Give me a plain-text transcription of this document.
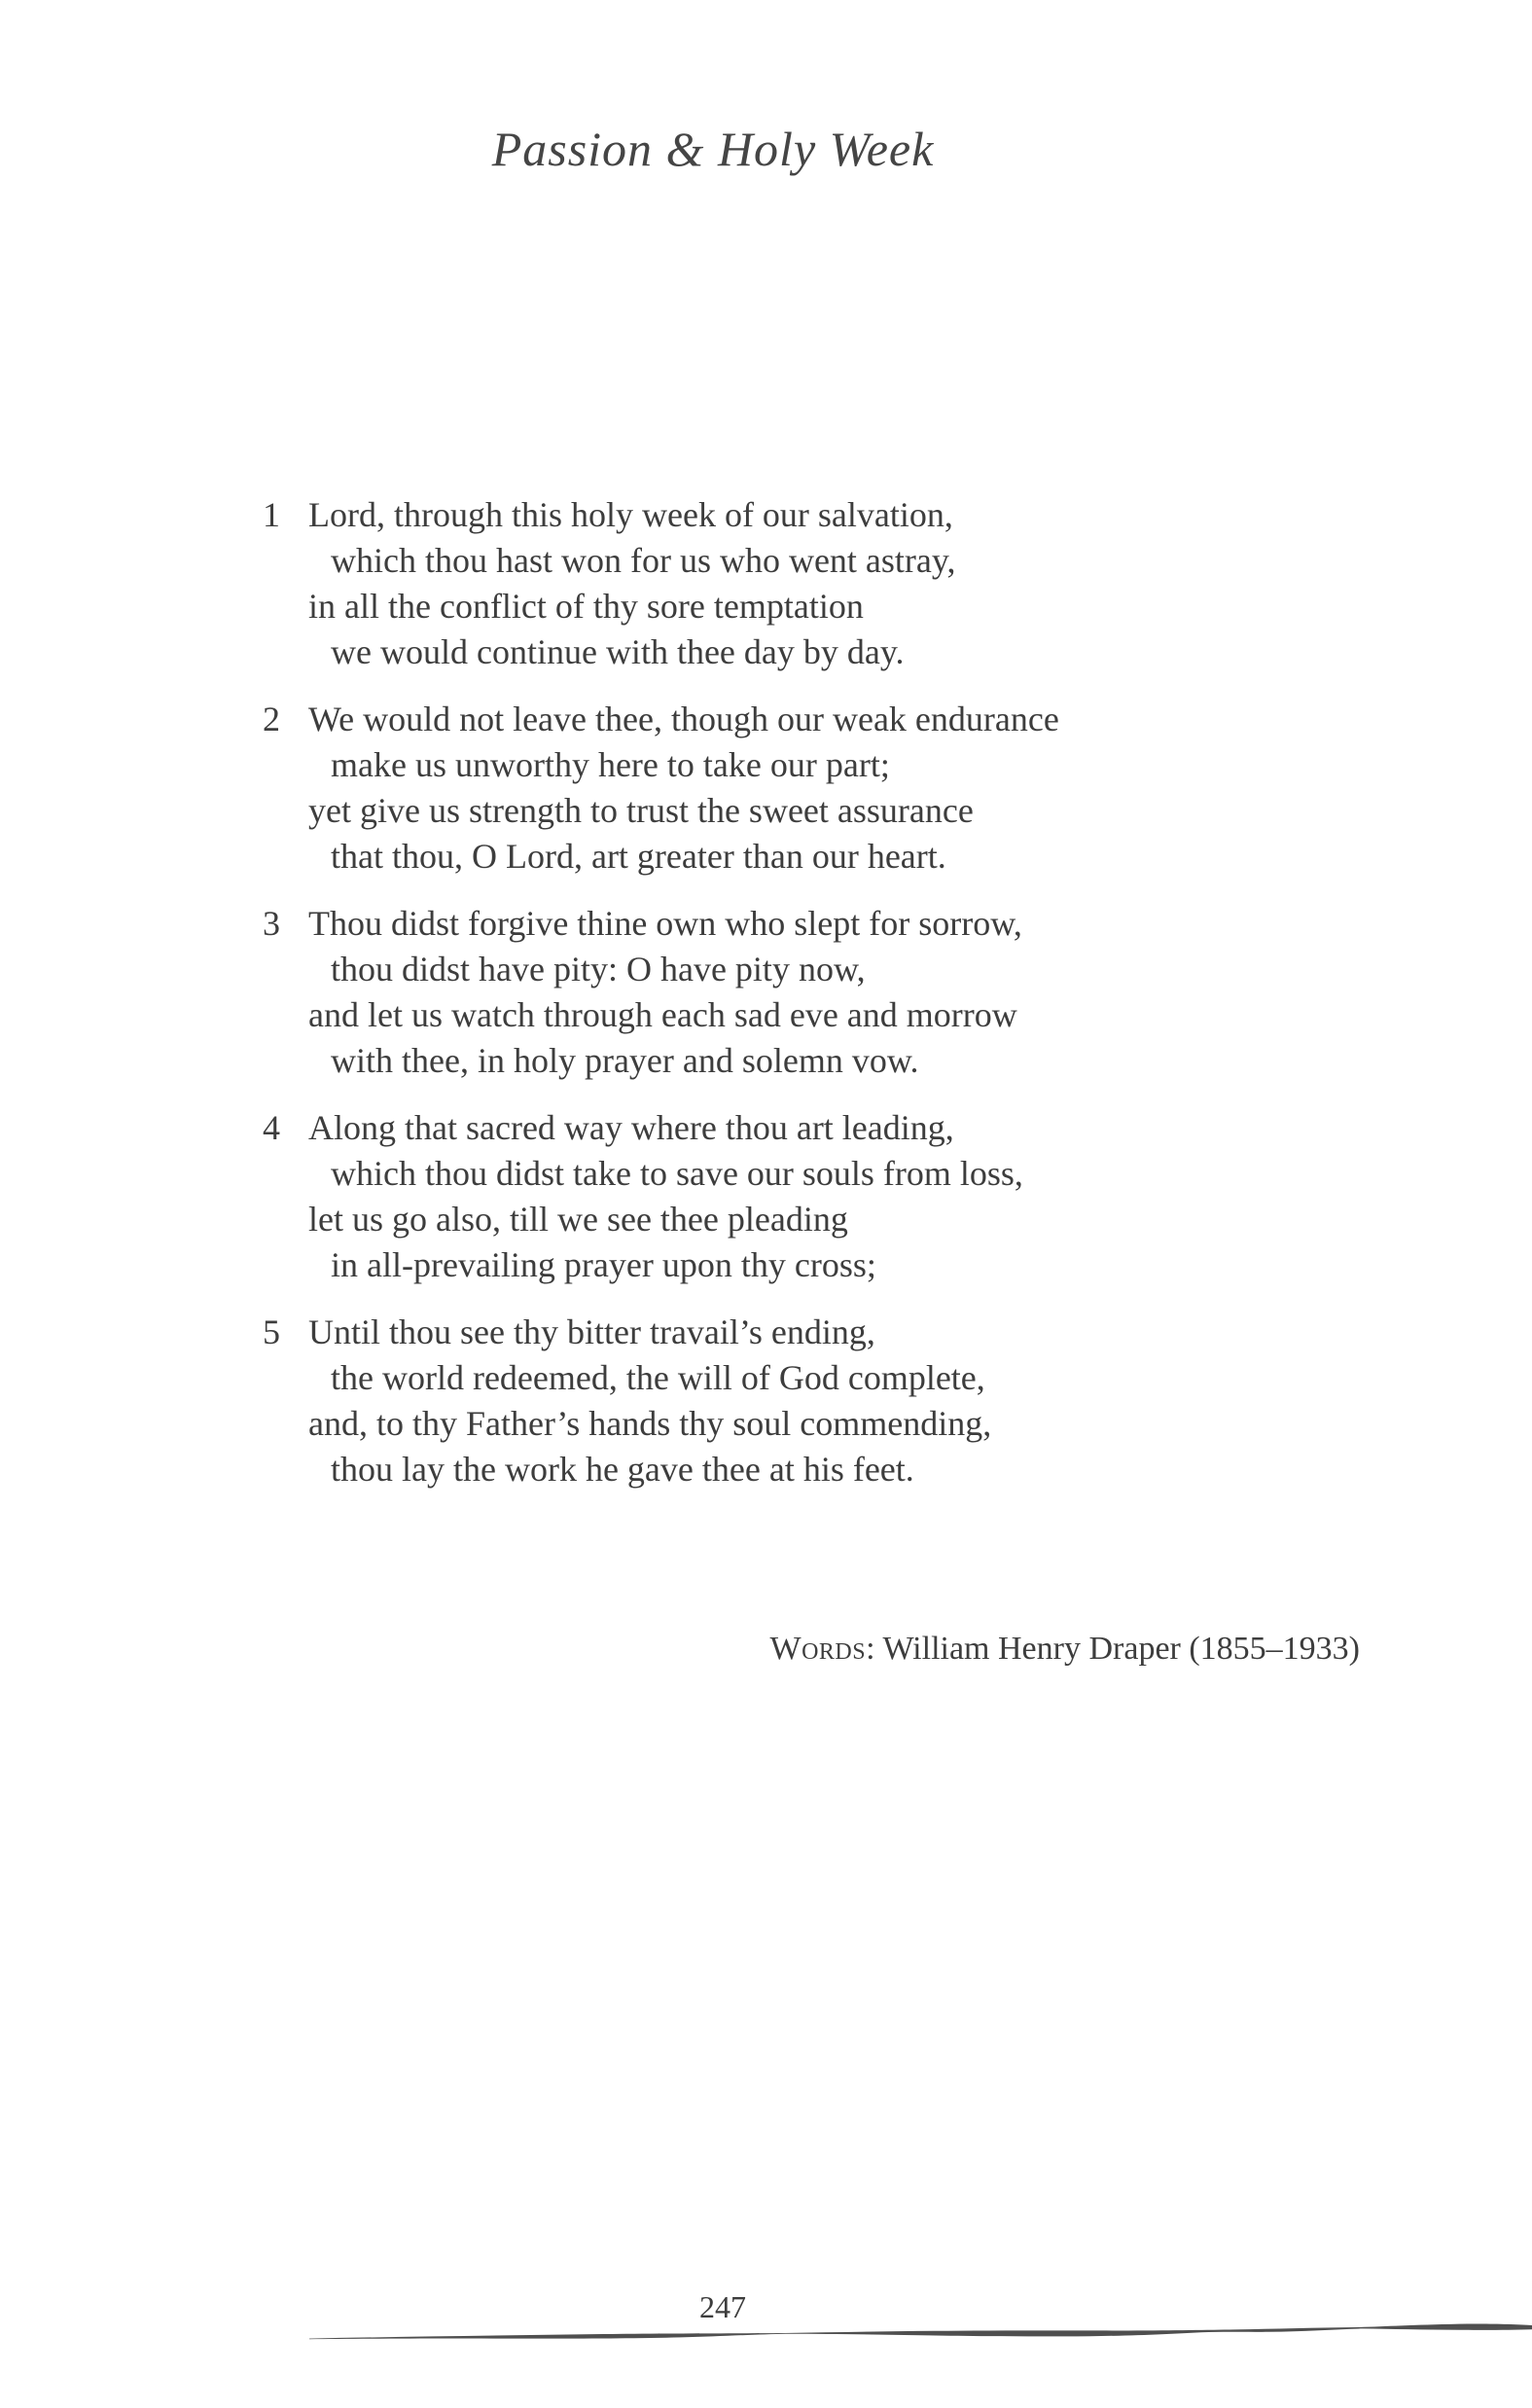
Passion & Holy Week
1 Lord, through this holy week of our salvation,
which thou hast won for us who went astray,
in all the conflict of thy sore temptation
we would continue with thee day by day.
2 We would not leave thee, though our weak endurance
make us unworthy here to take our part;
yet give us strength to trust the sweet assurance
that thou, O Lord, art greater than our heart.
3 Thou didst forgive thine own who slept for sorrow,
thou didst have pity: O have pity now,
and let us watch through each sad eve and morrow
with thee, in holy prayer and solemn vow.
4 Along that sacred way where thou art leading,
which thou didst take to save our souls from loss,
let us go also, till we see thee pleading
in all-prevailing prayer upon thy cross;
5 Until thou see thy bitter travail’s ending,
the world redeemed, the will of God complete,
and, to thy Father’s hands thy soul commending,
thou lay the work he gave thee at his feet.
Words: William Henry Draper (1855–1933)
247
